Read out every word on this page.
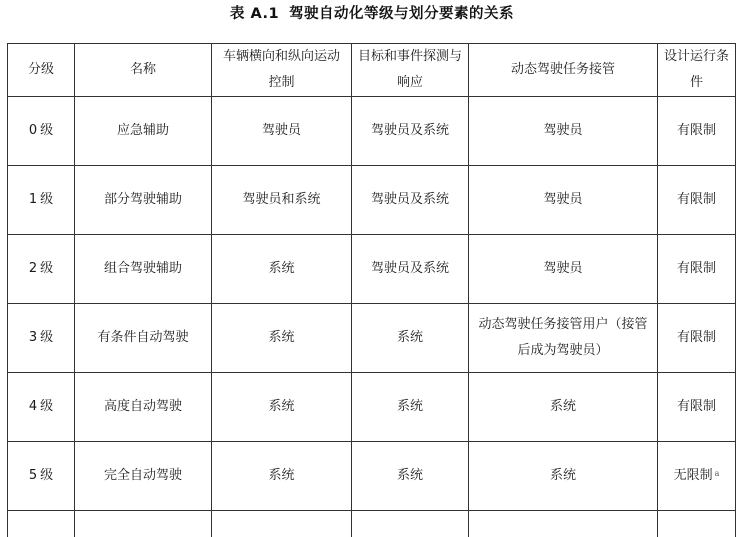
表 A.1 驾驶自动化等级与划分要素的关系
分级	名称	车辆横向和纵向运动控制	目标和事件探测与响应	动态驾驶任务接管	设计运行条件
0 级	应急辅助	驾驶员	驾驶员及系统	驾驶员	有限制
1 级	部分驾驶辅助	驾驶员和系统	驾驶员及系统	驾驶员	有限制
2 级	组合驾驶辅助	系统	驾驶员及系统	驾驶员	有限制
3 级	有条件自动驾驶	系统	系统	动态驾驶任务接管用户（接管后成为驾驶员）	有限制
4 级	高度自动驾驶	系统	系统	系统	有限制
5 级	完全自动驾驶	系统	系统	系统	无限制 $^a$
